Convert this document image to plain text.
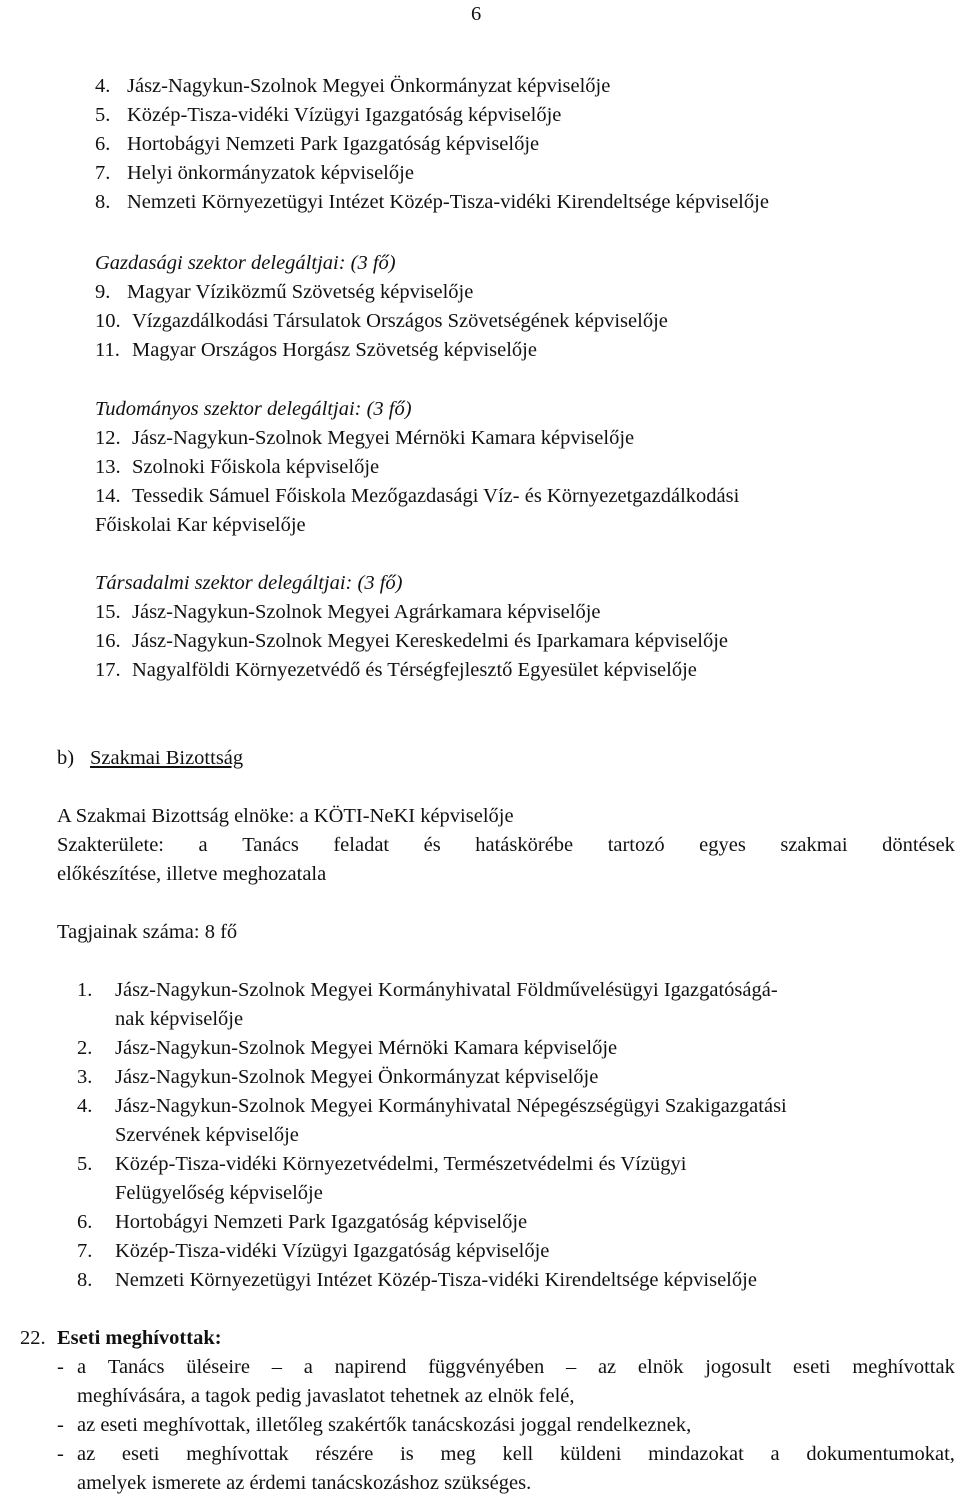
6
4. Jász-Nagykun-Szolnok Megyei Önkormányzat képviselője
5. Közép-Tisza-vidéki Vízügyi Igazgatóság képviselője
6. Hortobágyi Nemzeti Park Igazgatóság képviselője
7. Helyi önkormányzatok képviselője
8. Nemzeti Környezetügyi Intézet Közép-Tisza-vidéki Kirendeltsége képviselője
Gazdasági szektor delegáltjai: (3 fő)
9. Magyar Víziközmű Szövetség képviselője
10. Vízgazdálkodási Társulatok Országos Szövetségének képviselője
11. Magyar Országos Horgász Szövetség képviselője
Tudományos szektor delegáltjai: (3 fő)
12. Jász-Nagykun-Szolnok Megyei Mérnöki Kamara képviselője
13. Szolnoki Főiskola képviselője
14. Tessedik Sámuel Főiskola Mezőgazdasági Víz- és Környezetgazdálkodási
Főiskolai Kar képviselője
Társadalmi szektor delegáltjai: (3 fő)
15. Jász-Nagykun-Szolnok Megyei Agrárkamara képviselője
16. Jász-Nagykun-Szolnok Megyei Kereskedelmi és Iparkamara képviselője
17. Nagyalföldi Környezetvédő és Térségfejlesztő Egyesület képviselője
b) Szakmai Bizottság
A Szakmai Bizottság elnöke: a KÖTI-NeKI képviselője
Szakterülete: a Tanács feladat és hatáskörébe tartozó egyes szakmai döntések
előkészítése, illetve meghozatala
Tagjainak száma: 8 fő
1. Jász-Nagykun-Szolnok Megyei Kormányhivatal Földművelésügyi Igazgatóságá-
nak képviselője
2. Jász-Nagykun-Szolnok Megyei Mérnöki Kamara képviselője
3. Jász-Nagykun-Szolnok Megyei Önkormányzat képviselője
4. Jász-Nagykun-Szolnok Megyei Kormányhivatal Népegészségügyi Szakigazgatási
Szervének képviselője
5. Közép-Tisza-vidéki Környezetvédelmi, Természetvédelmi és Vízügyi
Felügyelőség képviselője
6. Hortobágyi Nemzeti Park Igazgatóság képviselője
7. Közép-Tisza-vidéki Vízügyi Igazgatóság képviselője
8. Nemzeti Környezetügyi Intézet Közép-Tisza-vidéki Kirendeltsége képviselője
22. Eseti meghívottak:
- a Tanács üléseire – a napirend függvényében – az elnök jogosult eseti meghívottak
meghívására, a tagok pedig javaslatot tehetnek az elnök felé,
- az eseti meghívottak, illetőleg szakértők tanácskozási joggal rendelkeznek,
- az eseti meghívottak részére is meg kell küldeni mindazokat a dokumentumokat,
amelyek ismerete az érdemi tanácskozáshoz szükséges.
